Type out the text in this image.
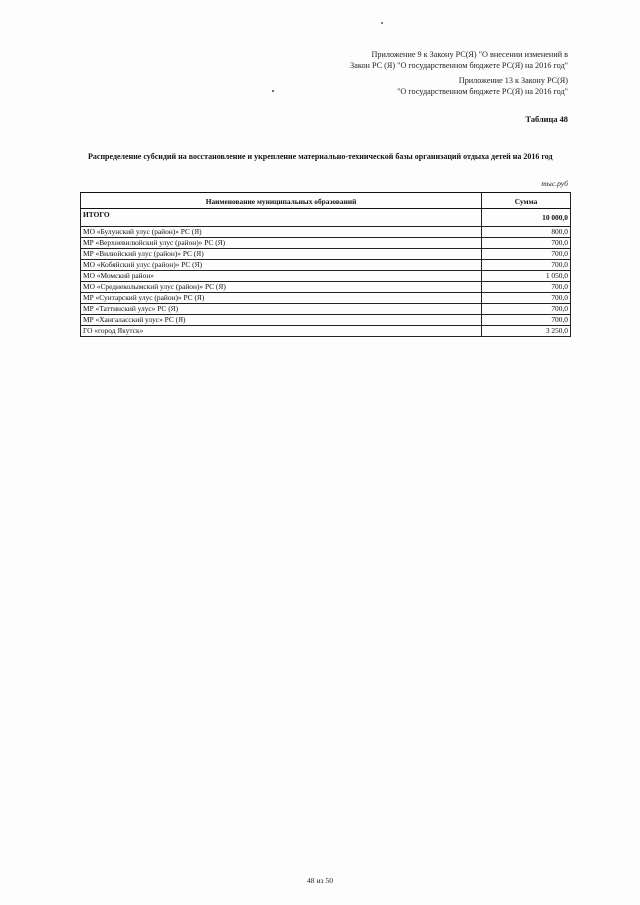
Приложение 9 к Закону РС(Я) "О внесении изменений в
Закон РС (Я) "О государственном бюджете РС(Я) на 2016 год"
Приложение 13 к Закону РС(Я)
"О государственном бюджете РС(Я) на 2016 год"
Таблица 48
Распределение субсидий на восстановление и укрепление материально-технической базы организаций отдыха детей на 2016 год
тыс.руб
Наименование муниципальных образований	Сумма
ИТОГО	10 000,0
МО «Булунский улус (район)» РС (Я)	800,0
МР «Верхневилюйский улус (район)» РС (Я)	700,0
МР «Вилюйский улус (район)» РС (Я)	700,0
МО «Кобяйский улус (район)» РС (Я)	700,0
МО «Момский район»	1 050,0
МО «Среднеколымский улус (район)» РС (Я)	700,0
МР «Сунтарский улус (район)» РС (Я)	700,0
МР «Таттинский улус» РС (Я)	700,0
МР «Хангаласский улус» РС (Я)	700,0
ГО «город Якутск»	3 250,0
48 из 50
